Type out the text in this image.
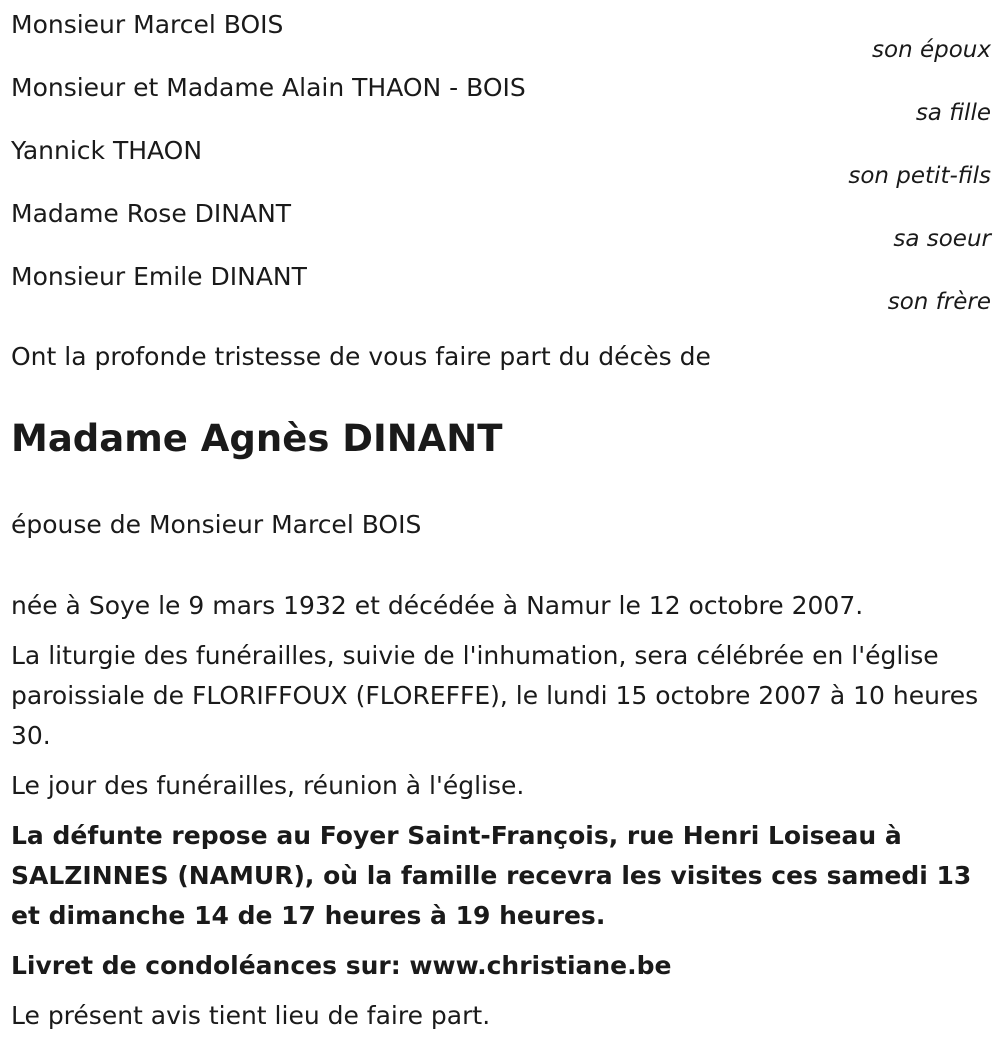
Monsieur Marcel BOIS
son époux
Monsieur et Madame Alain THAON - BOIS
sa fille
Yannick THAON
son petit-fils
Madame Rose DINANT
sa soeur
Monsieur Emile DINANT
son frère
Ont la profonde tristesse de vous faire part du décès de
Madame Agnès DINANT
épouse de Monsieur Marcel BOIS

née à Soye le 9 mars 1932 et décédée à Namur le 12 octobre 2007.

La liturgie des funérailles, suivie de l'inhumation, sera célébrée en l'église paroissiale de FLORIFFOUX (FLOREFFE), le lundi 15 octobre 2007 à 10 heures 30.

Le jour des funérailles, réunion à l'église.

La défunte repose au Foyer Saint-François, rue Henri Loiseau à SALZINNES (NAMUR), où la famille recevra les visites ces samedi 13 et dimanche 14 de 17 heures à 19 heures.

Livret de condoléances sur: www.christiane.be

Le présent avis tient lieu de faire part.
